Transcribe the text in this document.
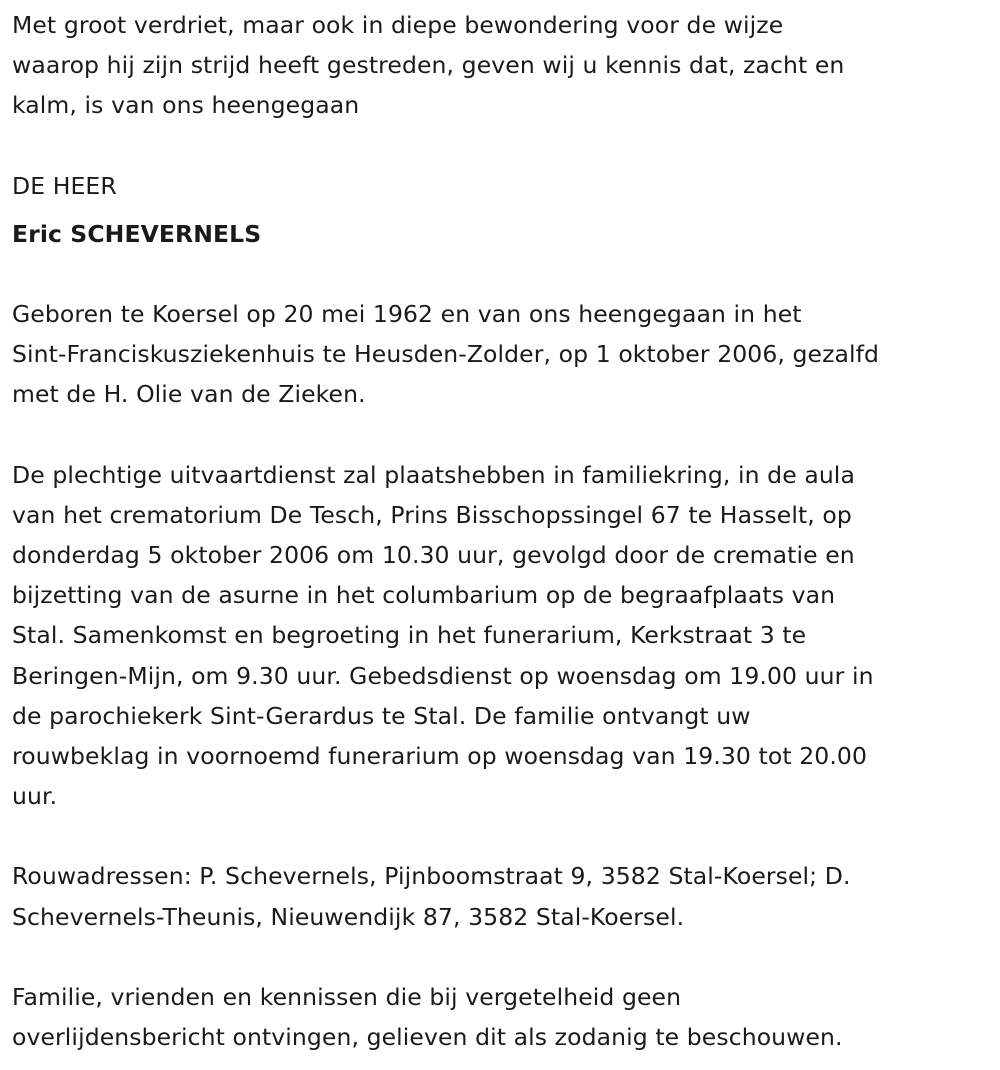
Met groot verdriet, maar ook in diepe bewondering voor de wijze
waarop hij zijn strijd heeft gestreden, geven wij u kennis dat, zacht en
kalm, is van ons heengegaan
DE HEER
Eric SCHEVERNELS
Geboren te Koersel op 20 mei 1962 en van ons heengegaan in het
Sint-Franciskusziekenhuis te Heusden-Zolder, op 1 oktober 2006, gezalfd
met de H. Olie van de Zieken.
De plechtige uitvaartdienst zal plaatshebben in familiekring, in de aula
van het crematorium De Tesch, Prins Bisschopssingel 67 te Hasselt, op
donderdag 5 oktober 2006 om 10.30 uur, gevolgd door de crematie en
bijzetting van de asurne in het columbarium op de begraafplaats van
Stal. Samenkomst en begroeting in het funerarium, Kerkstraat 3 te
Beringen-Mijn, om 9.30 uur. Gebedsdienst op woensdag om 19.00 uur in
de parochiekerk Sint-Gerardus te Stal. De familie ontvangt uw
rouwbeklag in voornoemd funerarium op woensdag van 19.30 tot 20.00
uur.
Rouwadressen: P. Schevernels, Pijnboomstraat 9, 3582 Stal-Koersel; D.
Schevernels-Theunis, Nieuwendijk 87, 3582 Stal-Koersel.
Familie, vrienden en kennissen die bij vergetelheid geen
overlijdensbericht ontvingen, gelieven dit als zodanig te beschouwen.
